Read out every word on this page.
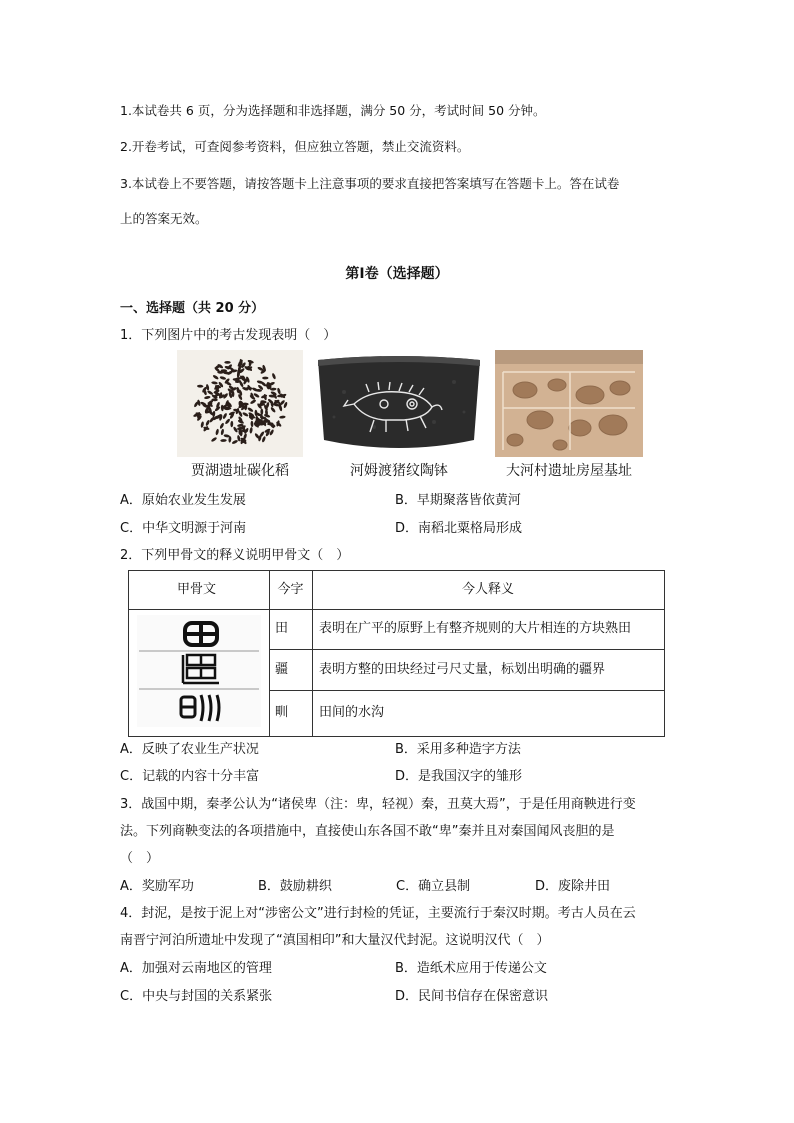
1.本试卷共 6 页，分为选择题和非选择题，满分 50 分，考试时间 50 分钟。
2.开卷考试，可查阅参考资料，但应独立答题，禁止交流资料。
3.本试卷上不要答题，请按答题卡上注意事项的要求直接把答案填写在答题卡上。答在试卷
上的答案无效。
第Ⅰ卷（选择题）
一、选择题（共 20 分）
1．下列图片中的考古发现表明（　）
贾湖遗址碳化稻	河姆渡猪纹陶钵	大河村遗址房屋基址
A．原始农业发生发展	B．早期聚落皆依黄河
C．中华文明源于河南	D．南稻北粟格局形成
2．下列甲骨文的释义说明甲骨文（　）
甲骨文	今字	今人释义
田	表明在广平的原野上有整齐规则的大片相连的方块熟田
疆	表明方整的田块经过弓尺丈量，标划出明确的疆界
甽	田间的水沟
A．反映了农业生产状况	B．采用多种造字方法
C．记载的内容十分丰富	D．是我国汉字的雏形
3．战国中期，秦孝公认为“诸侯卑（注：卑，轻视）秦，丑莫大焉”，于是任用商鞅进行变
法。下列商鞅变法的各项措施中，直接使山东各国不敢“卑”秦并且对秦国闻风丧胆的是
（　）
A．奖励军功	B．鼓励耕织	C．确立县制	D．废除井田
4．封泥，是按于泥上对“涉密公文”进行封检的凭证，主要流行于秦汉时期。考古人员在云
南晋宁河泊所遗址中发现了“滇国相印”和大量汉代封泥。这说明汉代（　）
A．加强对云南地区的管理	B．造纸术应用于传递公文
C．中央与封国的关系紧张	D．民间书信存在保密意识
